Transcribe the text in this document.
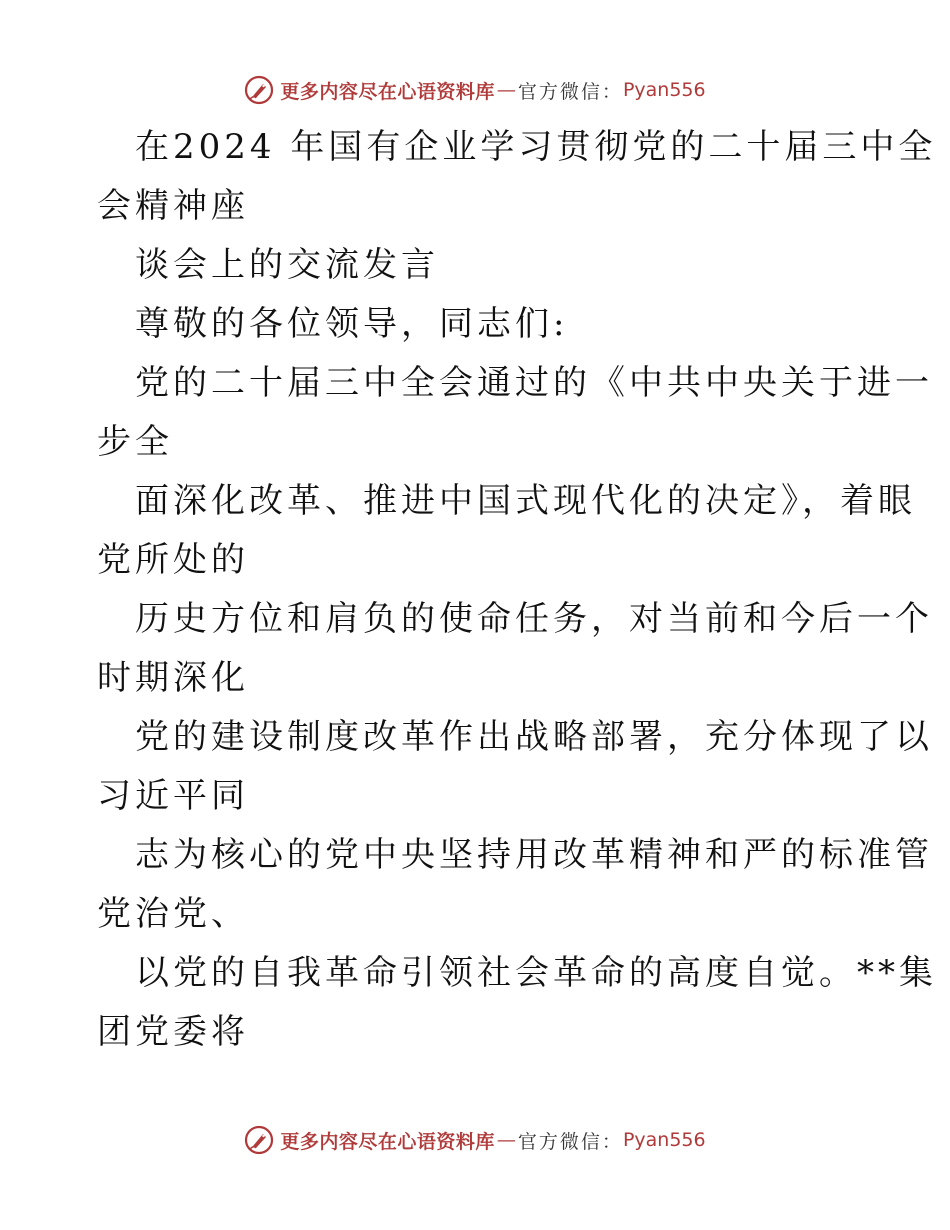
更多内容尽在心语资料库 — 官方微信： Pyan556
在2024 年国有企业学习贯彻党的二十届三中全
会精神座
谈会上的交流发言
尊敬的各位领导，同志们:
党的二十届三中全会通过的《中共中央关于进一
步全
面深化改革、推进中国式现代化的决定》，着眼
党所处的
历史方位和肩负的使命任务，对当前和今后一个
时期深化
党的建设制度改革作出战略部署，充分体现了以
习近平同
志为核心的党中央坚持用改革精神和严的标准管
党治党、
以党的自我革命引领社会革命的高度自觉。**集
团党委将
更多内容尽在心语资料库 — 官方微信： Pyan556
